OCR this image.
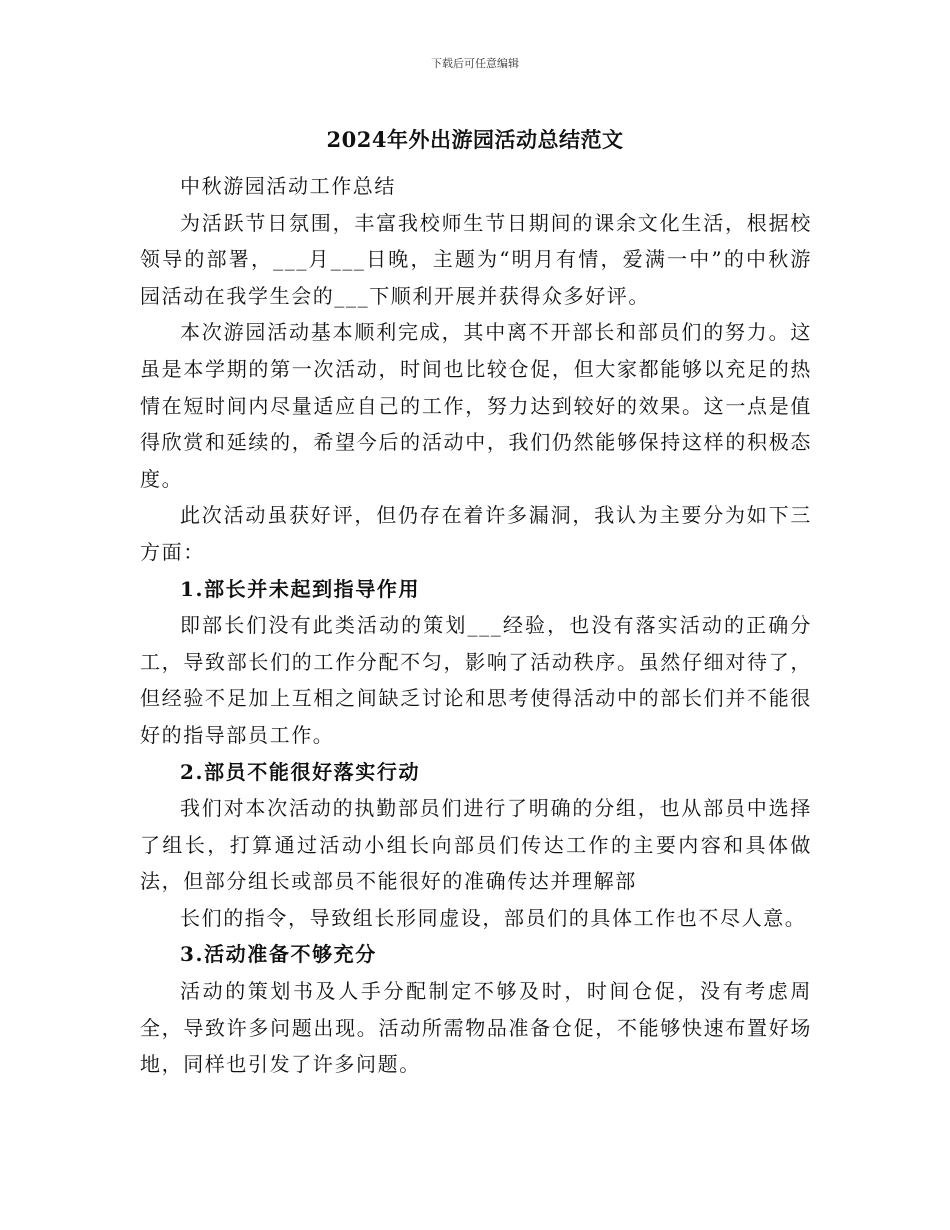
下载后可任意编辑
2024年外出游园活动总结范文

中秋游园活动工作总结

为活跃节日氛围，丰富我校师生节日期间的课余文化生活，根据校领导的部署，___月___日晚，主题为“明月有情，爱满一中”的中秋游园活动在我学生会的___下顺利开展并获得众多好评。

本次游园活动基本顺利完成，其中离不开部长和部员们的努力。这虽是本学期的第一次活动，时间也比较仓促，但大家都能够以充足的热情在短时间内尽量适应自己的工作，努力达到较好的效果。这一点是值得欣赏和延续的，希望今后的活动中，我们仍然能够保持这样的积极态度。

此次活动虽获好评，但仍存在着许多漏洞，我认为主要分为如下三方面：

1.部长并未起到指导作用

即部长们没有此类活动的策划___经验，也没有落实活动的正确分工，导致部长们的工作分配不匀，影响了活动秩序。虽然仔细对待了，但经验不足加上互相之间缺乏讨论和思考使得活动中的部长们并不能很好的指导部员工作。

2.部员不能很好落实行动

我们对本次活动的执勤部员们进行了明确的分组，也从部员中选择了组长，打算通过活动小组长向部员们传达工作的主要内容和具体做法，但部分组长或部员不能很好的准确传达并理解部

长们的指令，导致组长形同虚设，部员们的具体工作也不尽人意。

3.活动准备不够充分

活动的策划书及人手分配制定不够及时，时间仓促，没有考虑周全，导致许多问题出现。活动所需物品准备仓促，不能够快速布置好场地，同样也引发了许多问题。
